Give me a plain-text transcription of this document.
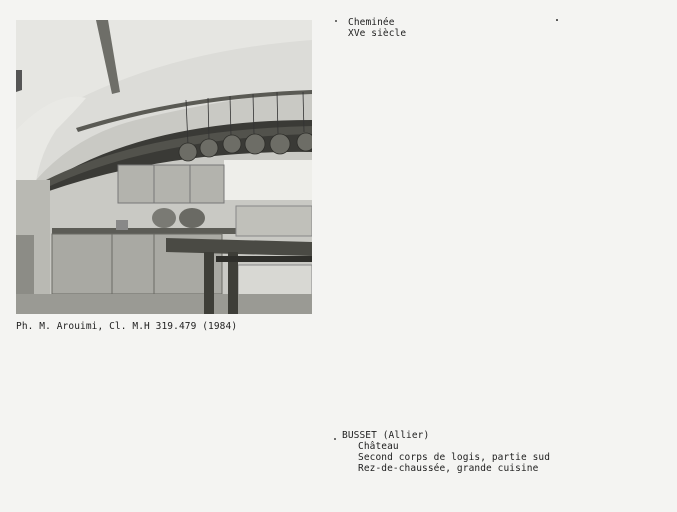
Cheminée
XVe siècle
Ph. M. Arouimi, Cl. M.H 319.479 (1984)
BUSSET (Allier)
Château
Second corps de logis, partie sud
Rez-de-chaussée, grande cuisine
